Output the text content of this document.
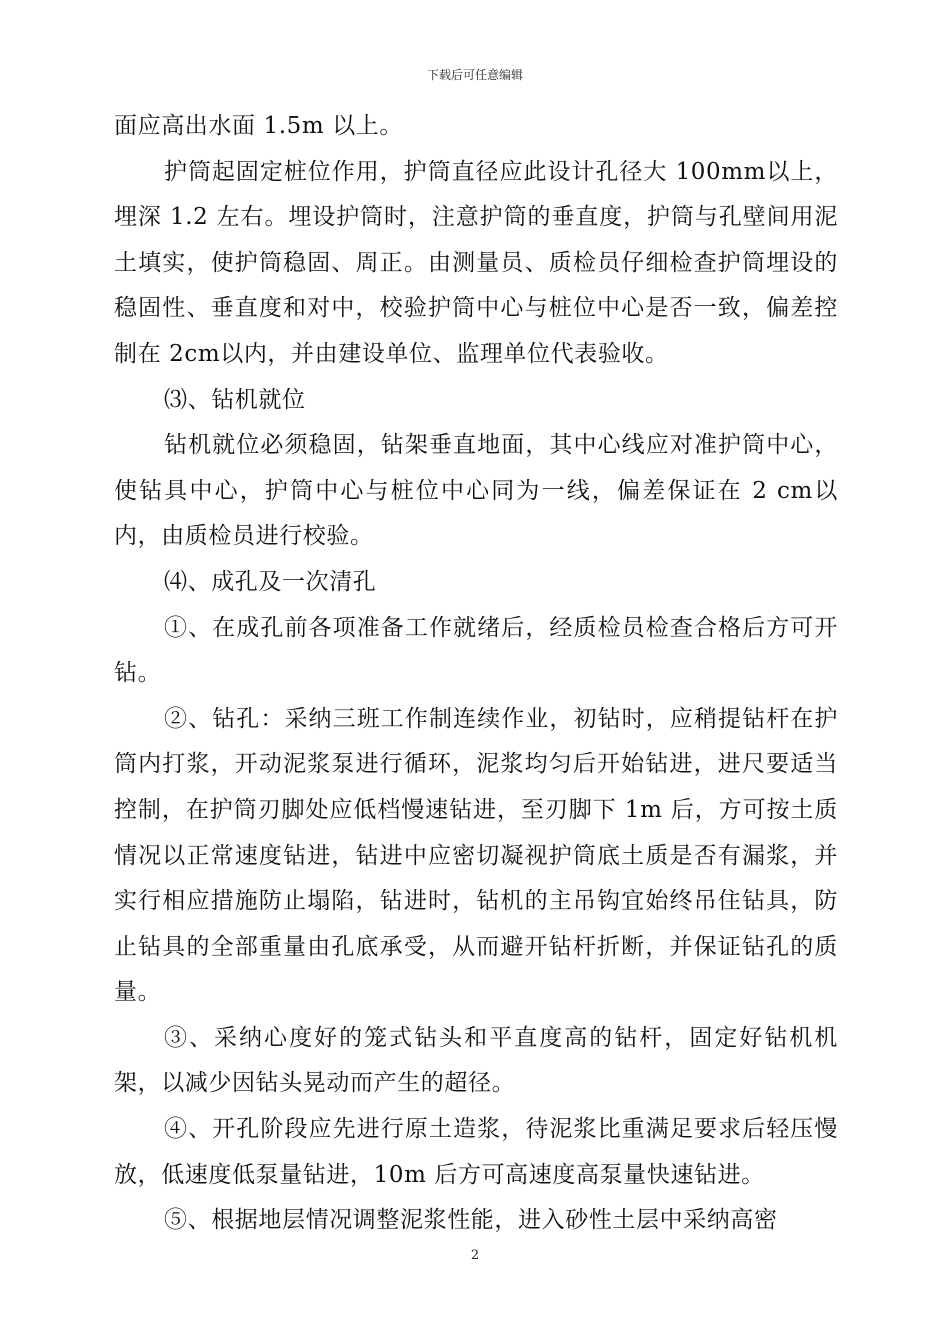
下载后可任意编辑

面应高出水面 1.5m 以上。

护筒起固定桩位作用，护筒直径应此设计孔径大 100mm以上，埋深 1.2 左右。埋设护筒时，注意护筒的垂直度，护筒与孔壁间用泥土填实，使护筒稳固、周正。由测量员、质检员仔细检查护筒埋设的稳固性、垂直度和对中，校验护筒中心与桩位中心是否一致，偏差控制在 2cm以内，并由建设单位、监理单位代表验收。

⑶、钻机就位

钻机就位必须稳固，钻架垂直地面，其中心线应对准护筒中心，使钻具中心，护筒中心与桩位中心同为一线，偏差保证在 2 cm以内，由质检员进行校验。

⑷、成孔及一次清孔

①、在成孔前各项准备工作就绪后，经质检员检查合格后方可开钻。

②、钻孔：采纳三班工作制连续作业，初钻时，应稍提钻杆在护筒内打浆，开动泥浆泵进行循环，泥浆均匀后开始钻进，进尺要适当控制，在护筒刃脚处应低档慢速钻进，至刃脚下 1m 后，方可按土质情况以正常速度钻进，钻进中应密切凝视护筒底土质是否有漏浆，并实行相应措施防止塌陷，钻进时，钻机的主吊钩宜始终吊住钻具，防止钻具的全部重量由孔底承受，从而避开钻杆折断，并保证钻孔的质量。

③、采纳心度好的笼式钻头和平直度高的钻杆，固定好钻机机架，以减少因钻头晃动而产生的超径。

④、开孔阶段应先进行原土造浆，待泥浆比重满足要求后轻压慢放，低速度低泵量钻进，10m 后方可高速度高泵量快速钻进。

⑤、根据地层情况调整泥浆性能，进入砂性土层中采纳高密

2
